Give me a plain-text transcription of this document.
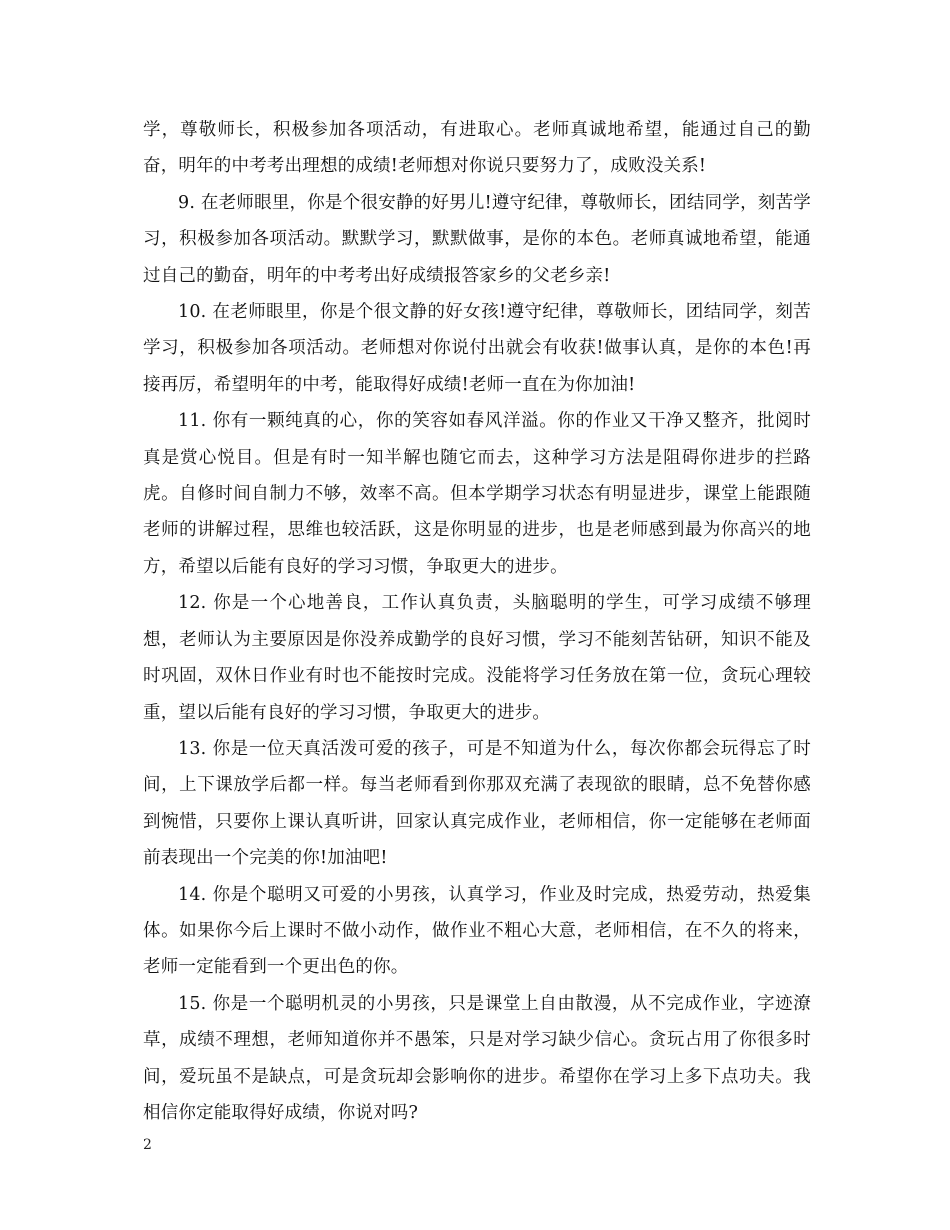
学，尊敬师长，积极参加各项活动，有进取心。老师真诚地希望，能通过自己的勤奋，明年的中考考出理想的成绩!老师想对你说只要努力了，成败没关系!

9. 在老师眼里，你是个很安静的好男儿!遵守纪律，尊敬师长，团结同学，刻苦学习，积极参加各项活动。默默学习，默默做事，是你的本色。老师真诚地希望，能通过自己的勤奋，明年的中考考出好成绩报答家乡的父老乡亲!

10. 在老师眼里，你是个很文静的好女孩!遵守纪律，尊敬师长，团结同学，刻苦学习，积极参加各项活动。老师想对你说付出就会有收获!做事认真，是你的本色!再接再厉，希望明年的中考，能取得好成绩!老师一直在为你加油!

11. 你有一颗纯真的心，你的笑容如春风洋溢。你的作业又干净又整齐，批阅时真是赏心悦目。但是有时一知半解也随它而去，这种学习方法是阻碍你进步的拦路虎。自修时间自制力不够，效率不高。但本学期学习状态有明显进步，课堂上能跟随老师的讲解过程，思维也较活跃，这是你明显的进步，也是老师感到最为你高兴的地方，希望以后能有良好的学习习惯，争取更大的进步。

12. 你是一个心地善良，工作认真负责，头脑聪明的学生，可学习成绩不够理想，老师认为主要原因是你没养成勤学的良好习惯，学习不能刻苦钻研，知识不能及时巩固，双休日作业有时也不能按时完成。没能将学习任务放在第一位，贪玩心理较重，望以后能有良好的学习习惯，争取更大的进步。

13. 你是一位天真活泼可爱的孩子，可是不知道为什么，每次你都会玩得忘了时间，上下课放学后都一样。每当老师看到你那双充满了表现欲的眼睛，总不免替你感到惋惜，只要你上课认真听讲，回家认真完成作业，老师相信，你一定能够在老师面前表现出一个完美的你!加油吧!

14. 你是个聪明又可爱的小男孩，认真学习，作业及时完成，热爱劳动，热爱集体。如果你今后上课时不做小动作，做作业不粗心大意，老师相信，在不久的将来，老师一定能看到一个更出色的你。

15. 你是一个聪明机灵的小男孩，只是课堂上自由散漫，从不完成作业，字迹潦草，成绩不理想，老师知道你并不愚笨，只是对学习缺少信心。贪玩占用了你很多时间，爱玩虽不是缺点，可是贪玩却会影响你的进步。希望你在学习上多下点功夫。我相信你定能取得好成绩，你说对吗?

2
